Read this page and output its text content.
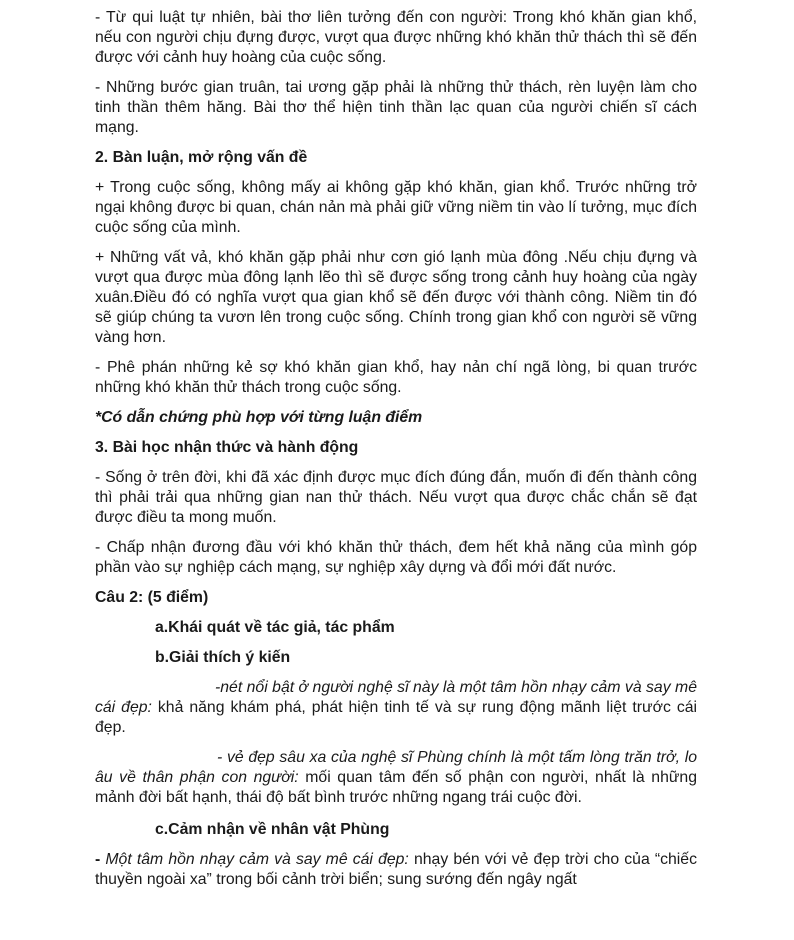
- Từ qui luật tự nhiên, bài thơ liên tưởng đến con người: Trong khó khăn gian khổ, nếu con người chịu đựng được, vượt qua được những khó khăn thử thách thì sẽ đến được với cảnh huy hoàng của cuộc sống.

- Những bước gian truân, tai ương gặp phải là những thử thách, rèn luyện làm cho tinh thần thêm hăng. Bài thơ thể hiện tinh thần lạc quan của người chiến sĩ cách mạng.

2. Bàn luận, mở rộng vấn đề

+ Trong cuộc sống, không mấy ai không gặp khó khăn, gian khổ. Trước những trở ngại không được bi quan, chán nản mà phải giữ vững niềm tin vào lí tưởng, mục đích cuộc sống của mình.

+ Những vất vả, khó khăn gặp phải như cơn gió lạnh mùa đông .Nếu chịu đựng và vượt qua được mùa đông lạnh lẽo thì sẽ được sống trong cảnh huy hoàng của ngày xuân.Điều đó có nghĩa vượt qua gian khổ sẽ đến được với thành công. Niềm tin đó sẽ giúp chúng ta vươn lên trong cuộc sống. Chính trong gian khổ con người sẽ vững vàng hơn.

- Phê phán những kẻ sợ khó khăn gian khổ, hay nản chí ngã lòng, bi quan trước những khó khăn thử thách trong cuộc sống.

*Có dẫn chứng phù hợp với từng luận điểm

3. Bài học nhận thức và hành động

- Sống ở trên đời, khi đã xác định được mục đích đúng đắn, muốn đi đến thành công thì phải trải qua những gian nan thử thách. Nếu vượt qua được chắc chắn sẽ đạt được điều ta mong muốn.

- Chấp nhận đương đầu với khó khăn thử thách, đem hết khả năng của mình góp phần vào sự nghiệp cách mạng, sự nghiệp xây dựng và đổi mới đất nước.

Câu 2: (5 điểm)

a.Khái quát về tác giả, tác phẩm

b.Giải thích ý kiến

-nét nổi bật ở người nghệ sĩ này là một tâm hồn nhạy cảm và say mê cái đẹp: khả năng khám phá, phát hiện tinh tế và sự rung động mãnh liệt trước cái đẹp.

- vẻ đẹp sâu xa của nghệ sĩ Phùng chính là một tấm lòng trăn trở, lo âu về thân phận con người: mối quan tâm đến số phận con người, nhất là những mảnh đời bất hạnh, thái độ bất bình trước những ngang trái cuộc đời.

c.Cảm nhận về nhân vật Phùng

- Một tâm hồn nhạy cảm và say mê cái đẹp: nhạy bén với vẻ đẹp trời cho của “chiếc thuyền ngoài xa” trong bối cảnh trời biển; sung sướng đến ngây ngất
